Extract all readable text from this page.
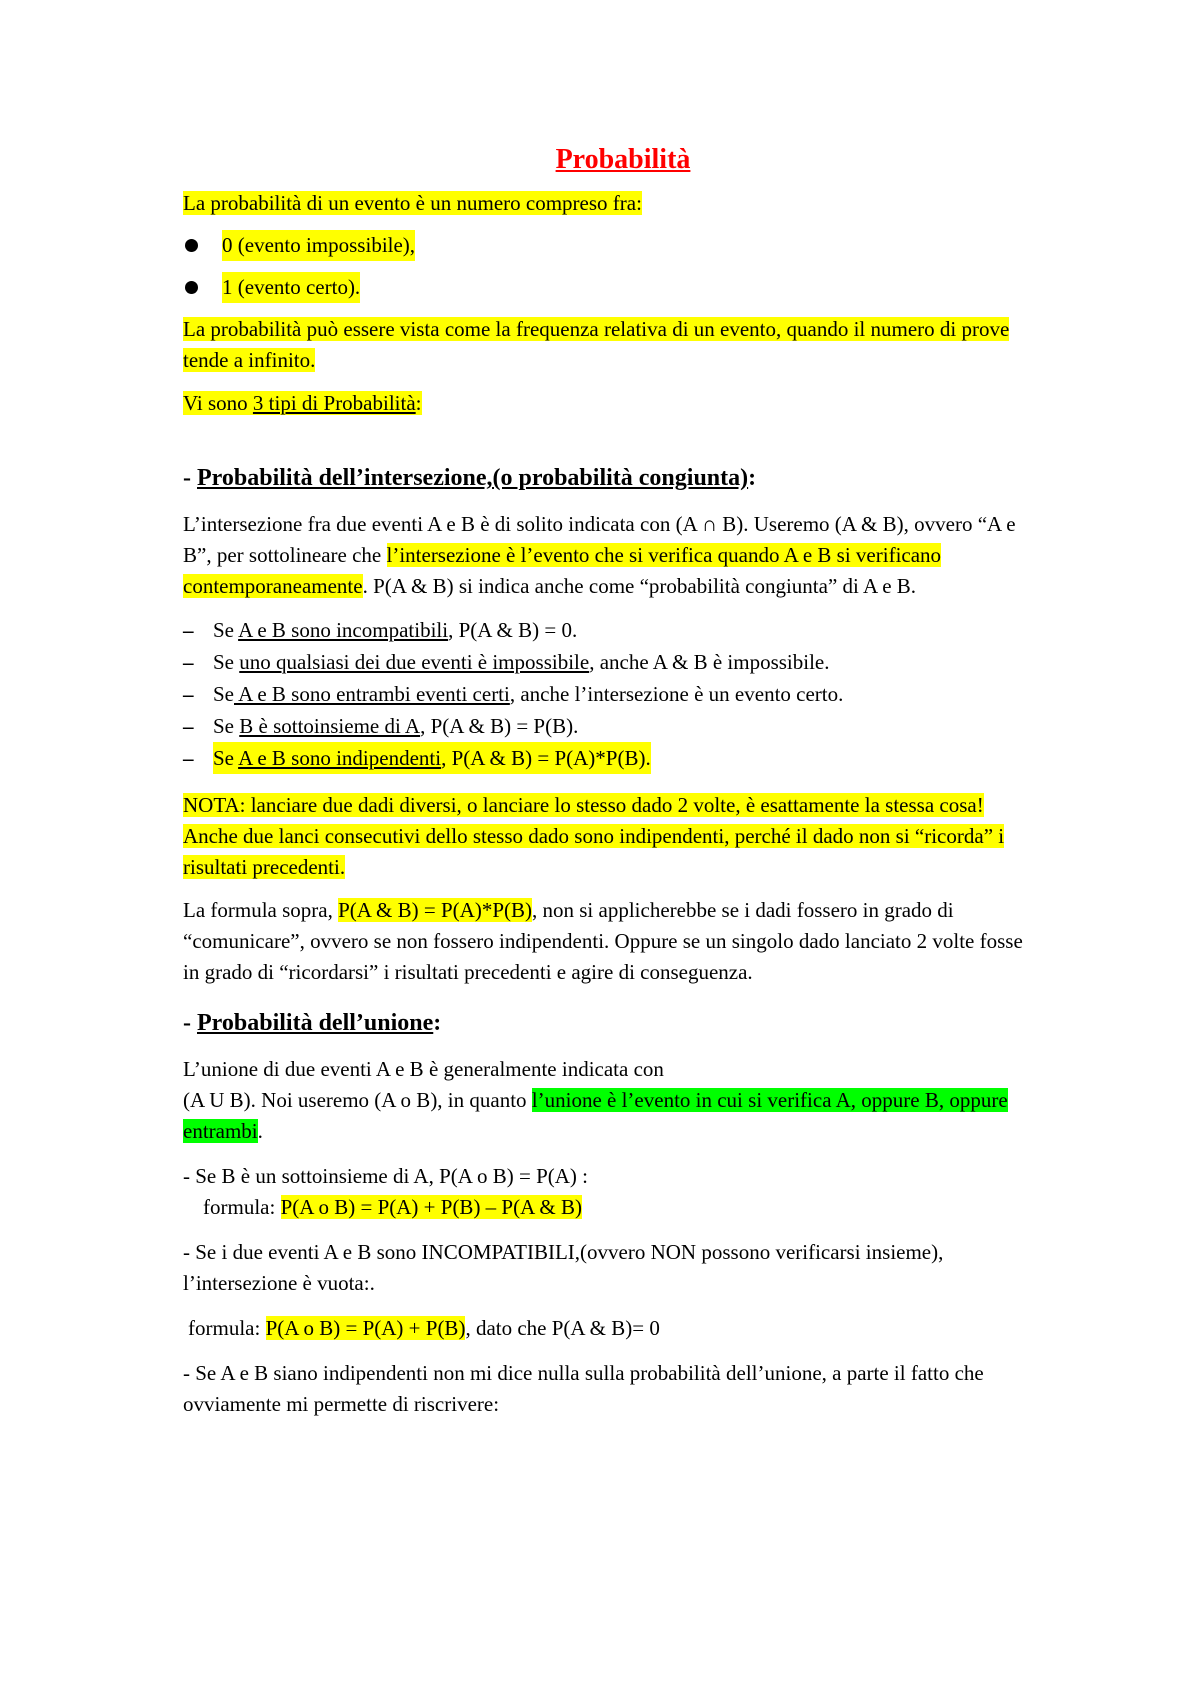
Probabilità

La probabilità di un evento è un numero compreso fra:

0 (evento impossibile),
1 (evento certo).

La probabilità può essere vista come la frequenza relativa di un evento, quando il numero di prove tende a infinito.

Vi sono 3 tipi di Probabilità:

- Probabilità dell’intersezione,(o probabilità congiunta):

L’intersezione fra due eventi A e B è di solito indicata con (A ∩ B). Useremo (A & B), ovvero “A e B”, per sottolineare che l’intersezione è l’evento che si verifica quando A e B si verificano contemporaneamente. P(A & B) si indica anche come “probabilità congiunta” di A e B.

– Se A e B sono incompatibili, P(A & B) = 0.
– Se uno qualsiasi dei due eventi è impossibile, anche A & B è impossibile.
– Se A e B sono entrambi eventi certi, anche l’intersezione è un evento certo.
– Se B è sottoinsieme di A, P(A & B) = P(B).
– Se A e B sono indipendenti, P(A & B) = P(A)*P(B).

NOTA: lanciare due dadi diversi, o lanciare lo stesso dado 2 volte, è esattamente la stessa cosa! Anche due lanci consecutivi dello stesso dado sono indipendenti, perché il dado non si “ricorda” i risultati precedenti.

La formula sopra, P(A & B) = P(A)*P(B), non si applicherebbe se i dadi fossero in grado di “comunicare”, ovvero se non fossero indipendenti. Oppure se un singolo dado lanciato 2 volte fosse in grado di “ricordarsi” i risultati precedenti e agire di conseguenza.

- Probabilità dell’unione:

L’unione di due eventi A e B è generalmente indicata con
(A U B). Noi useremo (A o B), in quanto l’unione è l’evento in cui si verifica A, oppure B, oppure entrambi.

- Se B è un sottoinsieme di A, P(A o B) = P(A) :
formula: P(A o B) = P(A) + P(B) – P(A & B)

- Se i due eventi A e B sono INCOMPATIBILI,(ovvero NON possono verificarsi insieme), l’intersezione è vuota:.

formula: P(A o B) = P(A) + P(B), dato che P(A & B)= 0

- Se A e B siano indipendenti non mi dice nulla sulla probabilità dell’unione, a parte il fatto che ovviamente mi permette di riscrivere:
